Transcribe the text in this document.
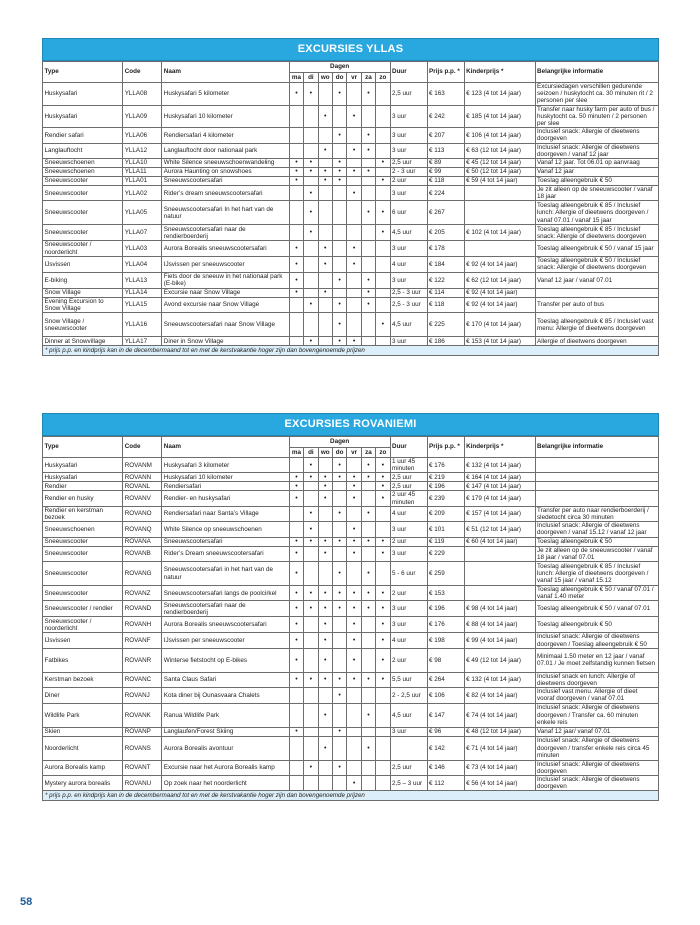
EXCURSIES YLLAS
Type	Code	Naam	Dagen							Duur	Prijs p.p. *	Kinderprijs *	Belangrijke informatie
			ma	di	wo	do	vr	za	zo				
Huskysafari	YLLA08	Huskysafari 5 kilometer	•	•		•		•		2,5 uur	€ 163	€ 123 (4 tot 14 jaar)	Excursiedagen verschillen gedurende seizoen / huskytocht ca. 30 minuten rit / 2 personen per slee
Huskysafari	YLLA09	Huskysafari 10 kilometer			•		•			3 uur	€ 242	€ 185 (4 tot 14 jaar)	Transfer naar husky farm per auto of bus / huskytocht ca. 50 minuten / 2 personen per slee
Rendier safari	YLLA06	Rendiersafari 4 kilometer				•		•		3 uur	€ 207	€ 106 (4 tot 14 jaar)	Inclusief snack: Allergie of dieetwens doorgeven
Langlauftocht	YLLA12	Langlauftocht door nationaal park			•		•	•		3 uur	€ 113	€ 63 (12 tot 14 jaar)	Inclusief snack: Allergie of dieetwens doorgeven / vanaf 12 jaar
Sneeuwschoenen	YLLA10	White Silence sneeuwschoenwandeling	•	•		•			•	2,5 uur	€ 89	€ 45 (12 tot 14 jaar)	Vanaf 12 jaar. Tot 06.01 op aanvraag
Sneeuwschoenen	YLLA11	Aurora Haunting on snowshoes	•	•	•	•	•	•		2 - 3 uur	€ 99	€ 50 (12 tot 14 jaar)	Vanaf 12 jaar
Sneeuwscooter	YLLA01	Sneeuwscootersafari	•		•	•			•	2 uur	€ 118	€ 59 (4 tot 14 jaar)	Toeslag alleengebruik € 50
Sneeuwscooter	YLLA02	Rider’s dream sneeuwscootersafari		•			•			3 uur	€ 224		Je zit alleen op de sneeuwscooter / vanaf 18 jaar
Sneeuwscooter	YLLA05	Sneeuwscootersafari In het hart van de natuur		•				•	•	6 uur	€ 267		Toeslag alleengebruik € 85 / Inclusief lunch: Allergie of dieetwens doorgeven / vanaf 07.01 / vanaf 15 jaar
Sneeuwscooter	YLLA07	Sneeuwscootersafari naar de rendierboerderij		•					•	4,5 uur	€ 205	€ 102 (4 tot 14 jaar)	Toeslag alleengebruik € 85 / Inclusief snack: Allergie of dieetwens doorgeven
Sneeuwscooter / noorderlicht	YLLA03	Aurora Borealis sneeuwscootersafari	•		•		•			3 uur	€ 178		Toeslag alleengebruik € 50 / vanaf 15 jaar
IJsvissen	YLLA04	IJsvissen per sneeuwscooter	•		•		•			4 uur	€ 184	€ 92 (4 tot 14 jaar)	Toeslag alleengebruik € 50 / Inclusief snack: Allergie of dieetwens doorgeven
E-biking	YLLA13	Fiets door de sneeuw in het nationaal park (E-bike)	•			•		•		3 uur	€ 122	€ 62 (12 tot 14 jaar)	Vanaf 12 jaar / vanaf 07.01
Snow Village	YLLA14	Excursie naar Snow Village	•		•			•		2,5 - 3 uur	€ 114	€ 92 (4 tot 14 jaar)	
Evening Excursion to Snow Village	YLLA15	Avond excursie naar Snow Village		•		•		•		2,5 - 3 uur	€ 118	€ 92 (4 tot 14 jaar)	Transfer per auto of bus
Snow Village / sneeuwscooter	YLLA16	Sneeuwscootersafari naar Snow Village				•			•	4,5 uur	€ 225	€ 170 (4 tot 14 jaar)	Toeslag alleengebruik € 85 / Inclusief vast menu: Allergie of dieetwens doorgeven
Dinner at Snowvillage	YLLA17	Diner in Snow Village		•		•	•			3 uur	€ 186	€ 153 (4 tot 14 jaar)	Allergie of dieetwens doorgeven
* prijs p.p. en kindprijs kan in de decembermaand tot en met de kerstvakantie hoger zijn dan bovengenoemde prijzen
EXCURSIES ROVANIEMI
Type	Code	Naam	Dagen							Duur	Prijs p.p. *	Kinderprijs *	Belangrijke informatie
			ma	di	wo	do	vr	za	zo				
Huskysafari	ROVANM	Huskysafari 3 kilometer		•		•		•	•	1 uur 45 minuten	€ 176	€ 132 (4 tot 14 jaar)	
Huskysafari	ROVANN	Huskysafari 10 kilometer	•	•	•	•	•	•	•	2,5 uur	€ 219	€ 164 (4 tot 14 jaar)	
Rendier	ROVANL	Rendiersafari	•		•		•		•	2,5 uur	€ 196	€ 147 (4 tot 14 jaar)	
Rendier en husky	ROVANV	Rendier- en huskysafari	•		•		•		•	2 uur 45 minuten	€ 239	€ 179 (4 tot 14 jaar)	
Rendier en kerstman bezoek	ROVANO	Rendiersafari naar Santa’s Village		•		•		•		4 uur	€ 209	€ 157 (4 tot 14 jaar)	Transfer per auto naar rendierboerderij / sledetocht circa 30 minuten
Sneeuwschoenen	ROVANQ	White Silence op sneeuwschoenen		•			•			3 uur	€ 101	€ 51 (12 tot 14 jaar)	Inclusief snack: Allergie of dieetwens doorgeven / vanaf 15.12 / vanaf 12 jaar
Sneeuwscooter	ROVANA	Sneeuwscootersafari	•	•	•	•	•	•	•	2 uur	€ 119	€ 60 (4 tot 14 jaar)	Toeslag alleengebruik € 50
Sneeuwscooter	ROVANB	Rider’s Dream sneeuwscootersafari	•		•		•		•	3 uur	€ 229		Je zit alleen op de sneeuwscooter / vanaf 18 jaar / vanaf 07.01
Sneeuwscooter	ROVANG	Sneeuwscootersafari in het hart van de natuur	•			•		•		5 - 6 uur	€ 259		Toeslag alleengebruik € 85 / Inclusief lunch: Allergie of dieetwens doorgeven / vanaf 15 jaar / vanaf 15.12
Sneeuwscooter	ROVANZ	Sneeuwscootersafari langs de poolcirkel	•	•	•	•	•	•	•	2 uur	€ 153		Toeslag alleengebruik € 50 / vanaf 07.01 / vanaf 1.40 meter
Sneeuwscooter / rendier	ROVAND	Sneeuwscootersafari naar de rendierboerderij	•	•	•	•	•	•	•	3 uur	€ 196	€ 98 (4 tot 14 jaar)	Toeslag alleengebruik € 50 / vanaf 07.01
Sneeuwscooter / noorderlicht	ROVANH	Aurora Borealis sneeuwscootersafari	•		•		•		•	3 uur	€ 176	€ 88 (4 tot 14 jaar)	Toeslag alleengebruik € 50
IJsvissen	ROVANF	IJsvissen per sneeuwscooter	•		•		•		•	4 uur	€ 198	€ 99 (4 tot 14 jaar)	Inclusief snack: Allergie of dieetwens doorgeven / Toeslag alleengebruik € 50
Fatbikes	ROVANR	Winterse fietstocht op E-bikes	•		•		•		•	2 uur	€ 98	€ 49 (12 tot 14 jaar)	Minimaal 1.50 meter en 12 jaar / vanaf 07.01 / Je moet zelfstandig kunnen fietsen
Kerstman bezoek	ROVANC	Santa Claus Safari	•	•	•	•	•	•	•	5,5 uur	€ 264	€ 132 (4 tot 14 jaar)	Inclusief snack en lunch: Allergie of dieetwens doorgeven
Diner	ROVANJ	Kota diner bij Ounasvaara Chalets				•				2 - 2,5 uur	€ 106	€ 82 (4 tot 14 jaar)	Inclusief vast menu. Allergie of dieet vooraf doorgeven / vanaf 07.01
Wildlife Park	ROVANK	Ranua Wildlife Park			•			•		4,5 uur	€ 147	€ 74 (4 tot 14 jaar)	Inclusief snack: Allergie of dieetwens doorgeven / Transfer ca. 60 minuten enkele reis
Skien	ROVANP	Langlaufen/Forest Skiing	•			•				3 uur	€ 96	€ 48 (12 tot 14 jaar)	Vanaf 12 jaar/ vanaf 07.01
Noorderlicht	ROVANS	Aurora Borealis avontuur			•			•			€ 142	€ 71 (4 tot 14 jaar)	Inclusief snack: Allergie of dieetwens doorgeven / transfer enkele reis circa 45 minuten
Aurora Borealis kamp	ROVANT	Excursie naar het Aurora Borealis kamp		•		•				2,5 uur	€ 146	€ 73 (4 tot 14 jaar)	Inclusief snack: Allergie of dieetwens doorgeven
Mystery aurora borealis	ROVANU	Op zoek naar het noorderlicht					•			2,5 – 3 uur	€ 112	€ 56 (4 tot 14 jaar)	Inclusief snack: Allergie of dieetwens doorgeven
* prijs p.p. en kindprijs kan in de decembermaand tot en met de kerstvakantie hoger zijn dan bovengenoemde prijzen
58
